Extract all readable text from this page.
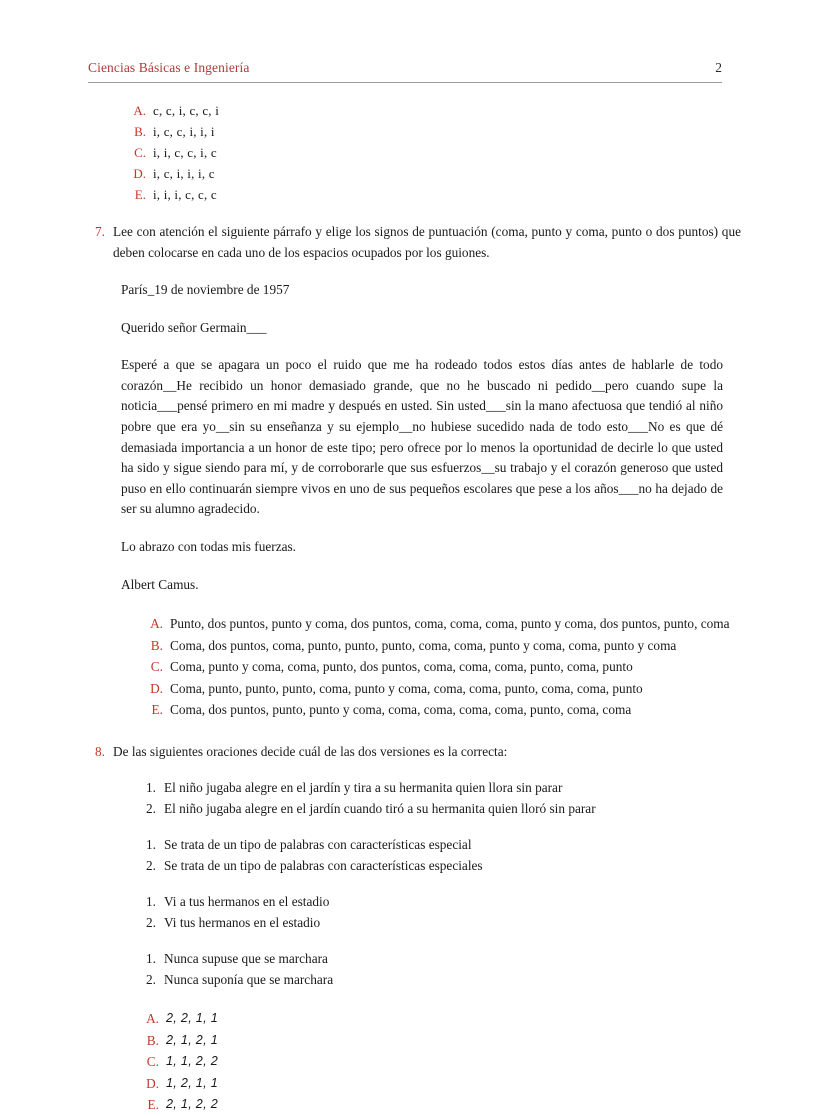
Ciencias Básicas e Ingeniería	2
A. c, c, i, c, c, i
B. i, c, c, i, i, i
C. i, i, c, c, i, c
D. i, c, i, i, i, c
E. i, i, i, c, c, c
7. Lee con atención el siguiente párrafo y elige los signos de puntuación (coma, punto y coma, punto o dos puntos) que deben colocarse en cada uno de los espacios ocupados por los guiones.

París_19 de noviembre de 1957

Querido señor Germain___

Esperé a que se apagara un poco el ruido que me ha rodeado todos estos días antes de hablarle de todo corazón__He recibido un honor demasiado grande, que no he buscado ni pedido__pero cuando supe la noticia___pensé primero en mi madre y después en usted. Sin usted___sin la mano afectuosa que tendió al niño pobre que era yo__sin su enseñanza y su ejemplo__no hubiese sucedido nada de todo esto___No es que dé demasiada importancia a un honor de este tipo; pero ofrece por lo menos la oportunidad de decirle lo que usted ha sido y sigue siendo para mí, y de corroborarle que sus esfuerzos__su trabajo y el corazón generoso que usted puso en ello continuarán siempre vivos en uno de sus pequeños escolares que pese a los años___no ha dejado de ser su alumno agradecido.

Lo abrazo con todas mis fuerzas.

Albert Camus.

A. Punto, dos puntos, punto y coma, dos puntos, coma, coma, coma, punto y coma, dos puntos, punto, coma
B. Coma, dos puntos, coma, punto, punto, punto, coma, coma, punto y coma, coma, punto y coma
C. Coma, punto y coma, coma, punto, dos puntos, coma, coma, coma, punto, coma, punto
D. Coma, punto, punto, punto, coma, punto y coma, coma, coma, punto, coma, coma, punto
E. Coma, dos puntos, punto, punto y coma, coma, coma, coma, coma, punto, coma, coma
8. De las siguientes oraciones decide cuál de las dos versiones es la correcta:
1. El niño jugaba alegre en el jardín y tira a su hermanita quien llora sin parar
2. El niño jugaba alegre en el jardín cuando tiró a su hermanita quien lloró sin parar
1. Se trata de un tipo de palabras con características especial
2. Se trata de un tipo de palabras con características especiales
1. Vi a tus hermanos en el estadio
2. Vi tus hermanos en el estadio
1. Nunca supuse que se marchara
2. Nunca suponía que se marchara
A. 2, 2, 1, 1
B. 2, 1, 2, 1
C. 1, 1, 2, 2
D. 1, 2, 1, 1
E. 2, 1, 2, 2
